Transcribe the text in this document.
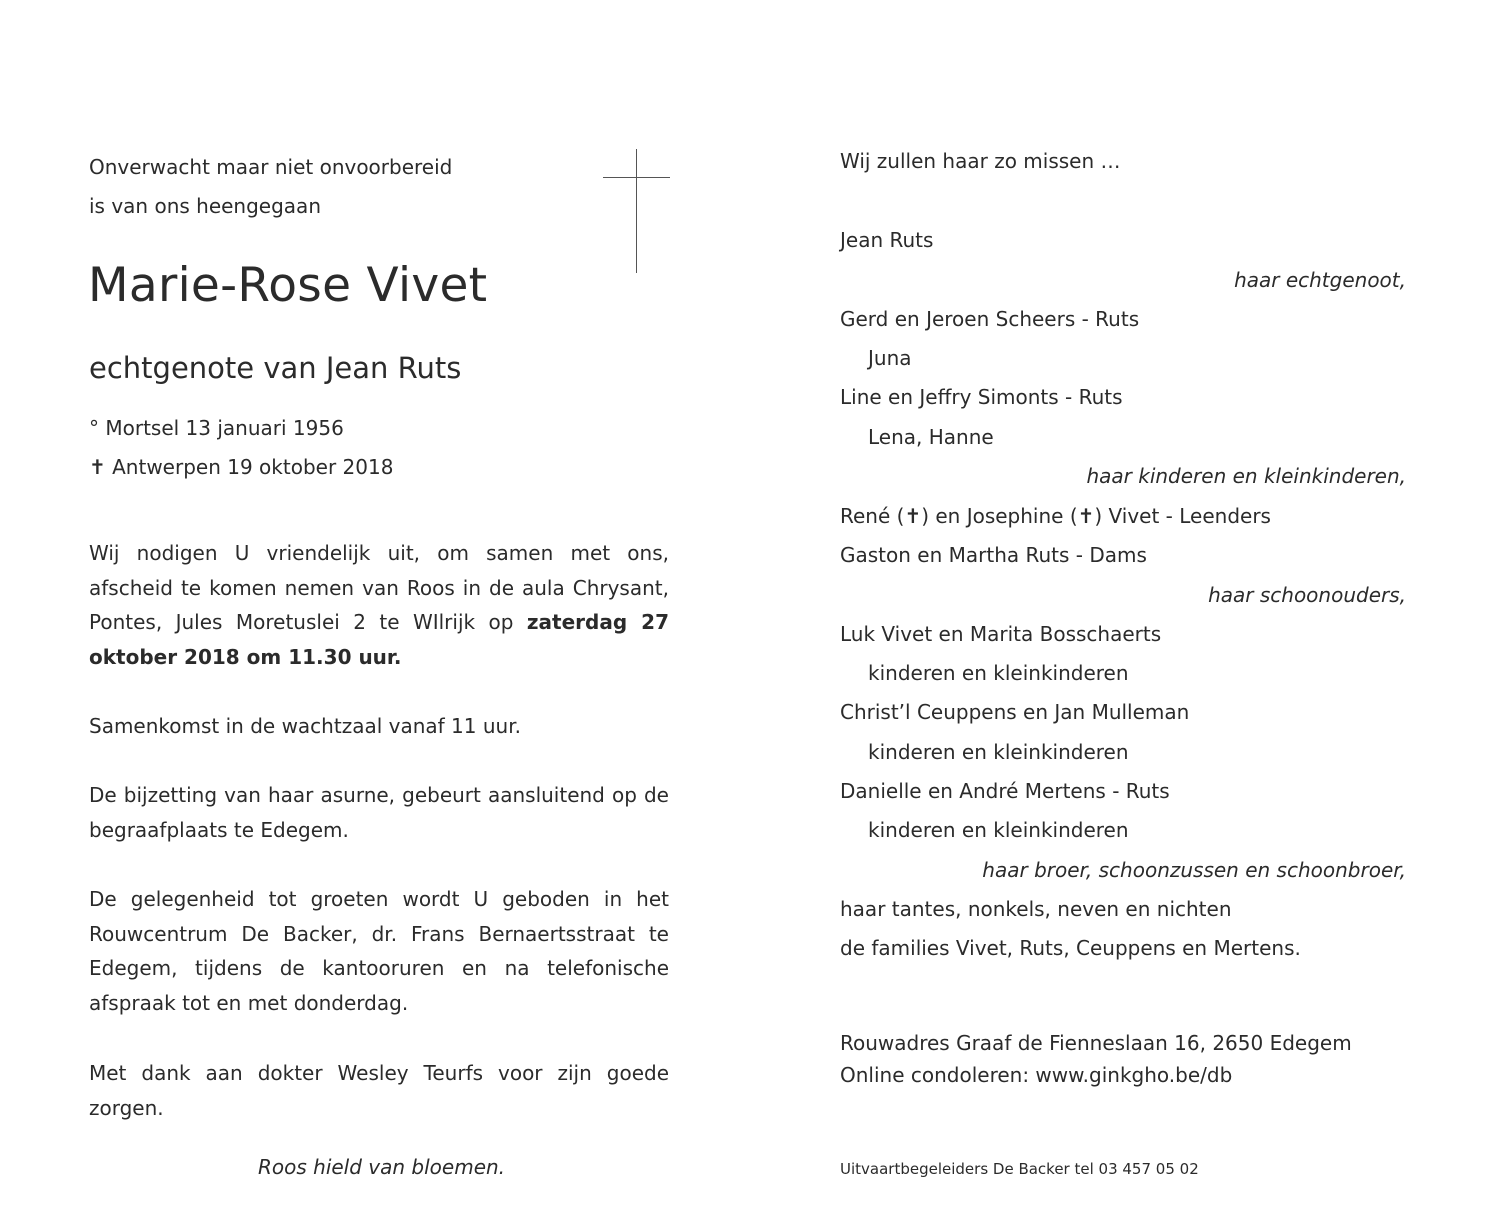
Onverwacht maar niet onvoorbereid

is van ons heengegaan

Marie-Rose Vivet

echtgenote van Jean Ruts

° Mortsel 13 januari 1956

✝ Antwerpen 19 oktober 2018

Wij nodigen U vriendelijk uit, om samen met ons, afscheid te komen nemen van Roos in de aula Chrysant, Pontes, Jules Moretuslei 2 te WIlrijk op zaterdag 27 oktober 2018 om 11.30 uur.

Samenkomst in de wachtzaal vanaf 11 uur.

De bijzetting van haar asurne, gebeurt aansluitend op de begraafplaats te Edegem.

De gelegenheid tot groeten wordt U geboden in het Rouwcentrum De Backer, dr. Frans Bernaertsstraat te Edegem, tijdens de kantooruren en na telefonische afspraak tot en met donderdag.

Met dank aan dokter Wesley Teurfs voor zijn goede zorgen.

Roos hield van bloemen.

Wij zullen haar zo missen …

Jean Ruts

haar echtgenoot,

Gerd en Jeroen Scheers - Ruts

Juna

Line en Jeffry Simonts - Ruts

Lena, Hanne

haar kinderen en kleinkinderen,

René (✝) en Josephine (✝) Vivet - Leenders

Gaston en Martha Ruts - Dams

haar schoonouders,

Luk Vivet en Marita Bosschaerts

kinderen en kleinkinderen

Christ’l Ceuppens en Jan Mulleman

kinderen en kleinkinderen

Danielle en André Mertens - Ruts

kinderen en kleinkinderen

haar broer, schoonzussen en schoonbroer,

haar tantes, nonkels, neven en nichten

de families Vivet, Ruts, Ceuppens en Mertens.

Rouwadres Graaf de Fienneslaan 16, 2650 Edegem

Online condoleren: www.ginkgho.be/db

Uitvaartbegeleiders De Backer tel 03 457 05 02
